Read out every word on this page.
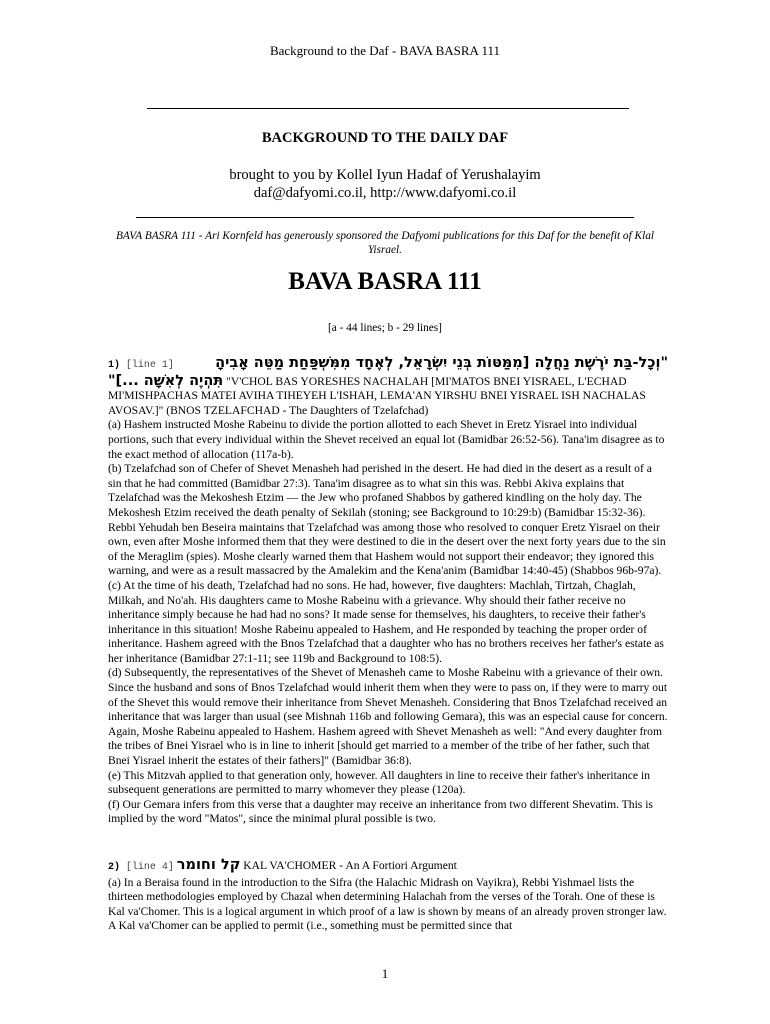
Background to the Daf - BAVA BASRA 111
BACKGROUND TO THE DAILY DAF
brought to you by Kollel Iyun Hadaf of Yerushalayim
daf@dafyomi.co.il, http://www.dafyomi.co.il
BAVA BASRA 111 - Ari Kornfeld has generously sponsored the Dafyomi publications for this Daf for the benefit of Klal Yisrael.
BAVA BASRA 111
[a - 44 lines; b - 29 lines]
1)
[line 1]	"וְכָל-בַּת יֹרֶשֶׁת נַחֲלָה [מִמַּטּוֹת בְּנֵי יִשְׂרָאֵל, לְאֶחָד מִמִּשְׁפַּחַת מַטֵּה אָבִיהָ
תִּהְיֶה לְאִשָּׁה ...]" "V'CHOL BAS YORESHES NACHALAH [MI'MATOS BNEI YISRAEL, L'ECHAD MI'MISHPACHAS MATEI AVIHA TIHEYEH L'ISHAH, LEMA'AN YIRSHU BNEI YISRAEL ISH NACHALAS AVOSAV.]" (BNOS TZELAFCHAD - The Daughters of Tzelafchad)

(a) Hashem instructed Moshe Rabeinu to divide the portion allotted to each Shevet in Eretz Yisrael into individual portions, such that every individual within the Shevet received an equal lot (Bamidbar 26:52-56). Tana'im disagree as to the exact method of allocation (117a-b).

(b) Tzelafchad son of Chefer of Shevet Menasheh had perished in the desert. He had died in the desert as a result of a sin that he had committed (Bamidbar 27:3). Tana'im disagree as to what sin this was. Rebbi Akiva explains that Tzelafchad was the Mekoshesh Etzim — the Jew who profaned Shabbos by gathered kindling on the holy day. The Mekoshesh Etzim received the death penalty of Sekilah (stoning; see Background to 10:29:b) (Bamidbar 15:32-36). Rebbi Yehudah ben Beseira maintains that Tzelafchad was among those who resolved to conquer Eretz Yisrael on their own, even after Moshe informed them that they were destined to die in the desert over the next forty years due to the sin of the Meraglim (spies). Moshe clearly warned them that Hashem would not support their endeavor; they ignored this warning, and were as a result massacred by the Amalekim and the Kena'anim (Bamidbar 14:40-45) (Shabbos 96b-97a).

(c) At the time of his death, Tzelafchad had no sons. He had, however, five daughters: Machlah, Tirtzah, Chaglah, Milkah, and No'ah. His daughters came to Moshe Rabeinu with a grievance. Why should their father receive no inheritance simply because he had had no sons? It made sense for themselves, his daughters, to receive their father's inheritance in this situation! Moshe Rabeinu appealed to Hashem, and He responded by teaching the proper order of inheritance. Hashem agreed with the Bnos Tzelafchad that a daughter who has no brothers receives her father's estate as her inheritance (Bamidbar 27:1-11; see 119b and Background to 108:5).

(d) Subsequently, the representatives of the Shevet of Menasheh came to Moshe Rabeinu with a grievance of their own. Since the husband and sons of Bnos Tzelafchad would inherit them when they were to pass on, if they were to marry out of the Shevet this would remove their inheritance from Shevet Menasheh. Considering that Bnos Tzelafchad received an inheritance that was larger than usual (see Mishnah 116b and following Gemara), this was an especial cause for concern. Again, Moshe Rabeinu appealed to Hashem. Hashem agreed with Shevet Menasheh as well: "And every daughter from the tribes of Bnei Yisrael who is in line to inherit [should get married to a member of the tribe of her father, such that Bnei Yisrael inherit the estates of their fathers]" (Bamidbar 36:8).

(e) This Mitzvah applied to that generation only, however. All daughters in line to receive their father's inheritance in subsequent generations are permitted to marry whomever they please (120a).

(f) Our Gemara infers from this verse that a daughter may receive an inheritance from two different Shevatim. This is implied by the word "Matos", since the minimal plural possible is two.

2) [line 4] קל וחומר KAL VA'CHOMER - An A Fortiori Argument

(a) In a Beraisa found in the introduction to the Sifra (the Halachic Midrash on Vayikra), Rebbi Yishmael lists the thirteen methodologies employed by Chazal when determining Halachah from the verses of the Torah. One of these is Kal va'Chomer. This is a logical argument in which proof of a law is shown by means of an already proven stronger law. A Kal va'Chomer can be applied to permit (i.e., something must be permitted since that

1
